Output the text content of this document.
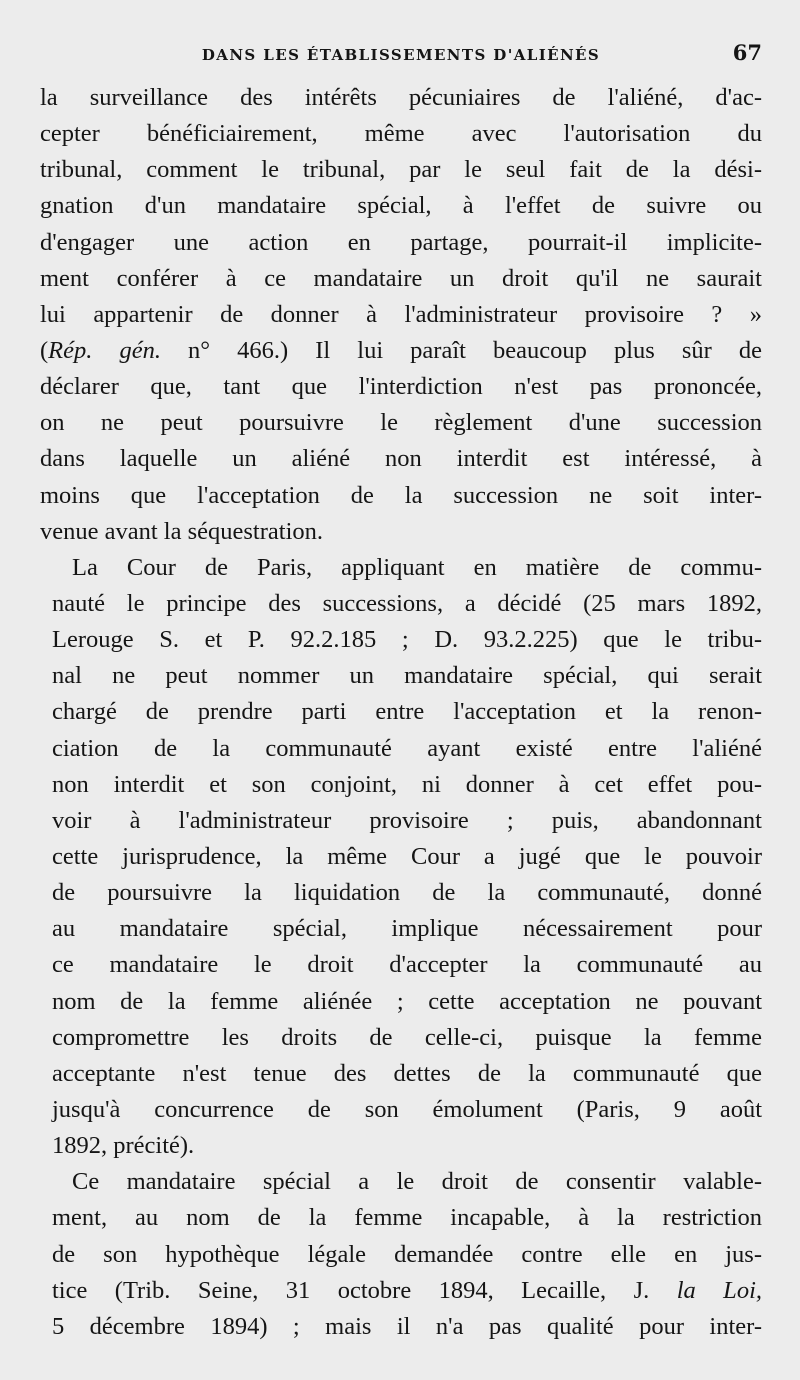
DANS LES ÉTABLISSEMENTS D'ALIÉNÉS	67
la surveillance des intérêts pécuniaires de l'aliéné, d'ac-
cepter bénéficiairement, même avec l'autorisation du
tribunal, comment le tribunal, par le seul fait de la dési-
gnation d'un mandataire spécial, à l'effet de suivre ou
d'engager une action en partage, pourrait-il implicite-
ment conférer à ce mandataire un droit qu'il ne saurait
lui appartenir de donner à l'administrateur provisoire ? »
(Rép. gén. n° 466.) Il lui paraît beaucoup plus sûr de
déclarer que, tant que l'interdiction n'est pas prononcée,
on ne peut poursuivre le règlement d'une succession
dans laquelle un aliéné non interdit est intéressé, à
moins que l'acceptation de la succession ne soit inter-
venue avant la séquestration.
La Cour de Paris, appliquant en matière de commu-
nauté le principe des successions, a décidé (25 mars 1892,
Lerouge S. et P. 92.2.185 ; D. 93.2.225) que le tribu-
nal ne peut nommer un mandataire spécial, qui serait
chargé de prendre parti entre l'acceptation et la renon-
ciation de la communauté ayant existé entre l'aliéné
non interdit et son conjoint, ni donner à cet effet pou-
voir à l'administrateur provisoire ; puis, abandonnant
cette jurisprudence, la même Cour a jugé que le pouvoir
de poursuivre la liquidation de la communauté, donné
au mandataire spécial, implique nécessairement pour
ce mandataire le droit d'accepter la communauté au
nom de la femme aliénée ; cette acceptation ne pouvant
compromettre les droits de celle-ci, puisque la femme
acceptante n'est tenue des dettes de la communauté que
jusqu'à concurrence de son émolument (Paris, 9 août
1892, précité).
Ce mandataire spécial a le droit de consentir valable-
ment, au nom de la femme incapable, à la restriction
de son hypothèque légale demandée contre elle en jus-
tice (Trib. Seine, 31 octobre 1894, Lecaille, J. la Loi,
5 décembre 1894) ; mais il n'a pas qualité pour inter-
